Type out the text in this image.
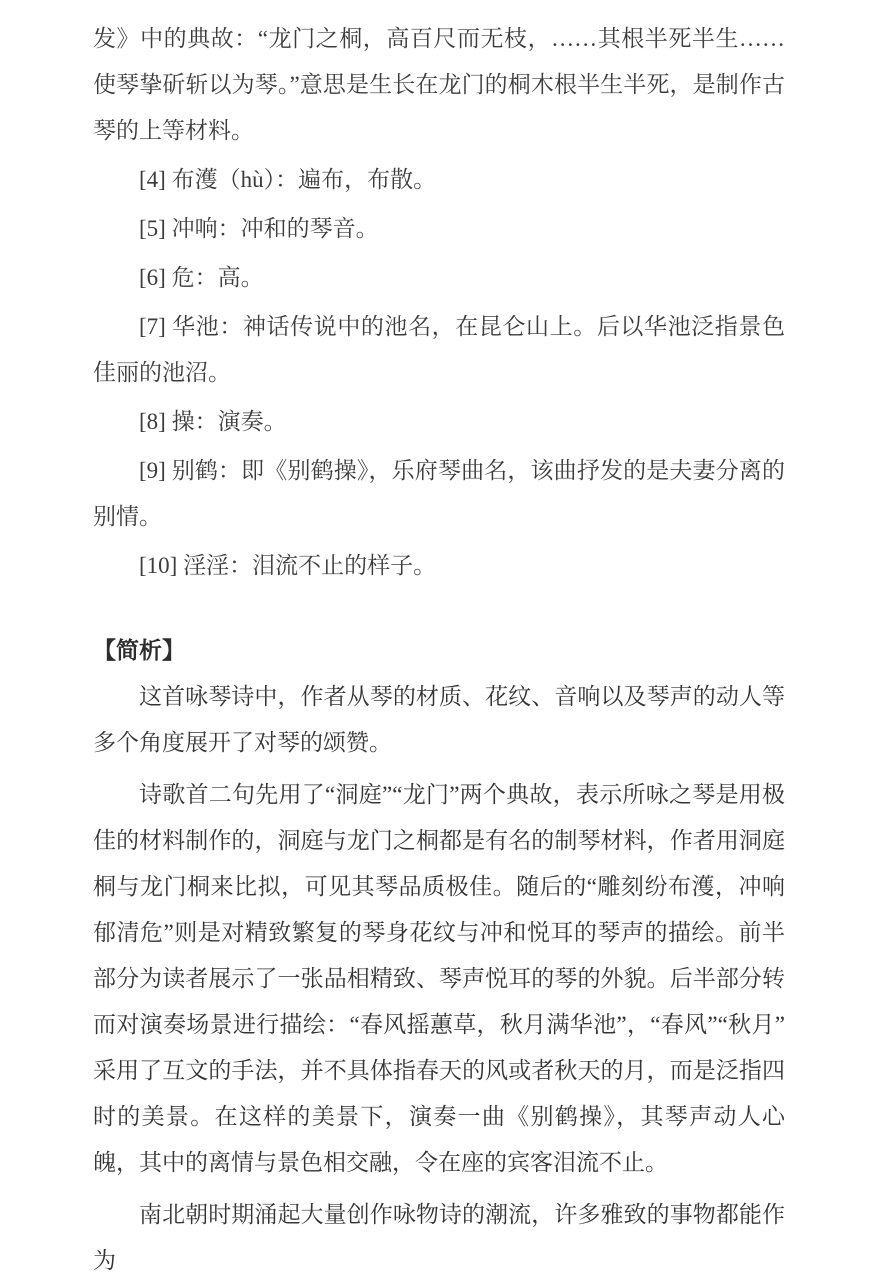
发》中的典故：“龙门之桐，高百尺而无枝，……其根半死半生……使琴挚斫斩以为琴。”意思是生长在龙门的桐木根半生半死，是制作古琴的上等材料。

[4] 布濩（hù）：遍布，布散。

[5] 冲响：冲和的琴音。

[6] 危：高。

[7] 华池：神话传说中的池名，在昆仑山上。后以华池泛指景色佳丽的池沼。

[8] 操：演奏。

[9] 别鹤：即《别鹤操》，乐府琴曲名，该曲抒发的是夫妻分离的别情。

[10] 淫淫：泪流不止的样子。

【简析】

这首咏琴诗中，作者从琴的材质、花纹、音响以及琴声的动人等多个角度展开了对琴的颂赞。

诗歌首二句先用了“洞庭”“龙门”两个典故，表示所咏之琴是用极佳的材料制作的，洞庭与龙门之桐都是有名的制琴材料，作者用洞庭桐与龙门桐来比拟，可见其琴品质极佳。随后的“雕刻纷布濩，冲响郁清危”则是对精致繁复的琴身花纹与冲和悦耳的琴声的描绘。前半部分为读者展示了一张品相精致、琴声悦耳的琴的外貌。后半部分转而对演奏场景进行描绘：“春风摇蕙草，秋月满华池”，“春风”“秋月”采用了互文的手法，并不具体指春天的风或者秋天的月，而是泛指四时的美景。在这样的美景下，演奏一曲《别鹤操》，其琴声动人心魄，其中的离情与景色相交融，令在座的宾客泪流不止。

南北朝时期涌起大量创作咏物诗的潮流，许多雅致的事物都能作为
